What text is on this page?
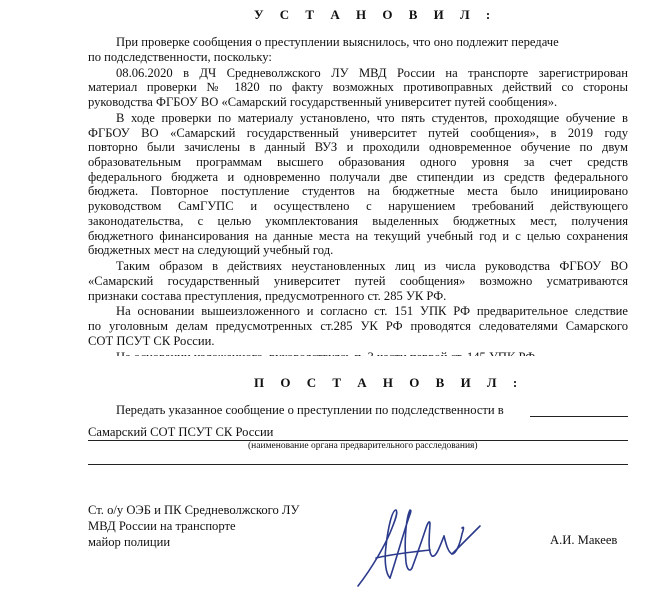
У С Т А Н О В И Л :
При проверке сообщения о преступлении выяснилось, что оно подлежит передаче
по подследственности, поскольку:
08.06.2020 в ДЧ Средневолжского ЛУ МВД России на транспорте зарегистрирован
материал проверки № 1820 по факту возможных противоправных действий со стороны
руководства ФГБОУ ВО «Самарский государственный университет путей сообщения».
В ходе проверки по материалу установлено, что пять студентов, проходящие обучение в
ФГБОУ ВО «Самарский государственный университет путей сообщения», в 2019 году
повторно были зачислены в данный ВУЗ и проходили одновременное обучение по двум
образовательным программам высшего образования одного уровня за счет средств
федерального бюджета и одновременно получали две стипендии из средств федерального
бюджета. Повторное поступление студентов на бюджетные места было инициировано
руководством СамГУПС и осуществлено с нарушением требований действующего
законодательства, с целью укомплектования выделенных бюджетных мест, получения
бюджетного финансирования на данные места на текущий учебный год и с целью сохранения
бюджетных мест на следующий учебный год.
Таким образом в действиях неустановленных лиц из числа руководства ФГБОУ ВО
«Самарский государственный университет путей сообщения» возможно усматриваются
признаки состава преступления, предусмотренного ст. 285 УК РФ.
На основании вышеизложенного и согласно ст. 151 УПК РФ предварительное следствие
по уголовным делам предусмотренных ст.285 УК РФ проводятся следователями Самарского
СОТ ПСУТ СК России.
П О С Т А Н О В И Л :
Передать указанное сообщение о преступлении по подследственности в
Самарский СОТ ПСУТ СК России
(наименование органа предварительного расследования)
Ст. о/у ОЭБ и ПК Средневолжского ЛУ
МВД России на транспорте
майор полиции	А.И. Макеев
